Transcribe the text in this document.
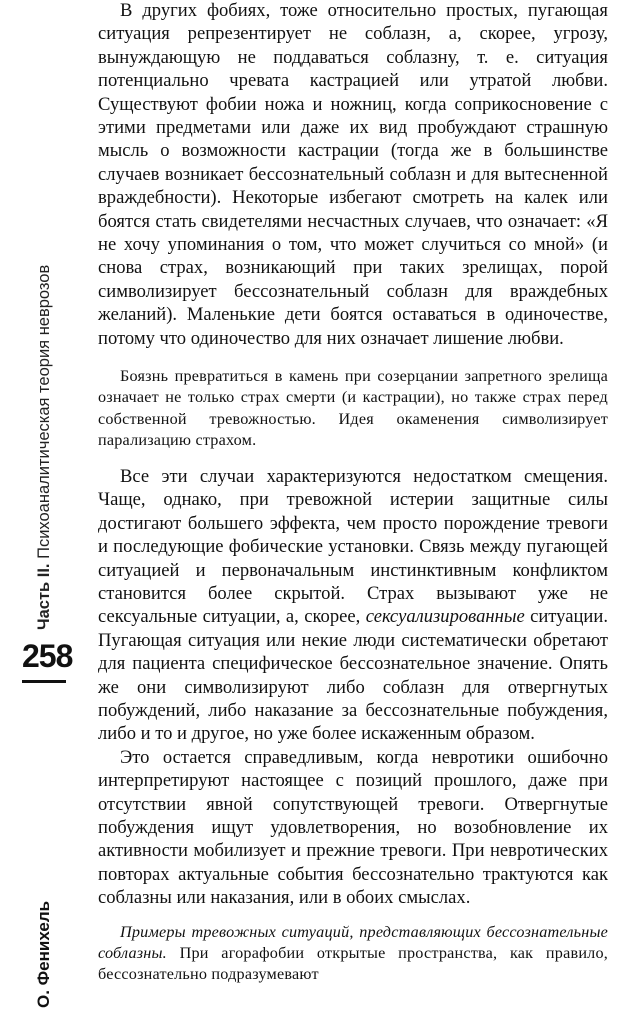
Часть II. Психоаналитическая теория неврозов
258
О. Фенихель

В других фобиях, тоже относительно простых, пугающая ситуация репрезентирует не соблазн, а, скорее, угрозу, вынуждающую не поддаваться соблазну, т. е. ситуация потенциально чревата кастрацией или утратой любви. Существуют фобии ножа и ножниц, когда соприкосновение с этими предметами или даже их вид пробуждают страшную мысль о возможности кастрации (тогда же в большинстве случаев возникает бессознательный соблазн и для вытесненной враждебности). Некоторые избегают смотреть на калек или боятся стать свидетелями несчастных случаев, что означает: «Я не хочу упоминания о том, что может случиться со мной» (и снова страх, возникающий при таких зрелищах, порой символизирует бессознательный соблазн для враждебных желаний). Маленькие дети боятся оставаться в одиночестве, потому что одиночество для них означает лишение любви.

Боязнь превратиться в камень при созерцании запретного зрелища означает не только страх смерти (и кастрации), но также страх перед собственной тревожностью. Идея окаменения символизирует парализацию страхом.

Все эти случаи характеризуются недостатком смещения. Чаще, однако, при тревожной истерии защитные силы достигают большего эффекта, чем просто порождение тревоги и последующие фобические установки. Связь между пугающей ситуацией и первоначальным инстинктивным конфликтом становится более скрытой. Страх вызывают уже не сексуальные ситуации, а, скорее, сексуализированные ситуации. Пугающая ситуация или некие люди систематически обретают для пациента специфическое бессознательное значение. Опять же они символизируют либо соблазн для отвергнутых побуждений, либо наказание за бессознательные побуждения, либо и то и другое, но уже более искаженным образом.

Это остается справедливым, когда невротики ошибочно интерпретируют настоящее с позиций прошлого, даже при отсутствии явной сопутствующей тревоги. Отвергнутые побуждения ищут удовлетворения, но возобновление их активности мобилизует и прежние тревоги. При невротических повторах актуальные события бессознательно трактуются как соблазны или наказания, или в обоих смыслах.

Примеры тревожных ситуаций, представляющих бессознательные соблазны. При агорафобии открытые пространства, как правило, бессознательно подразумевают
